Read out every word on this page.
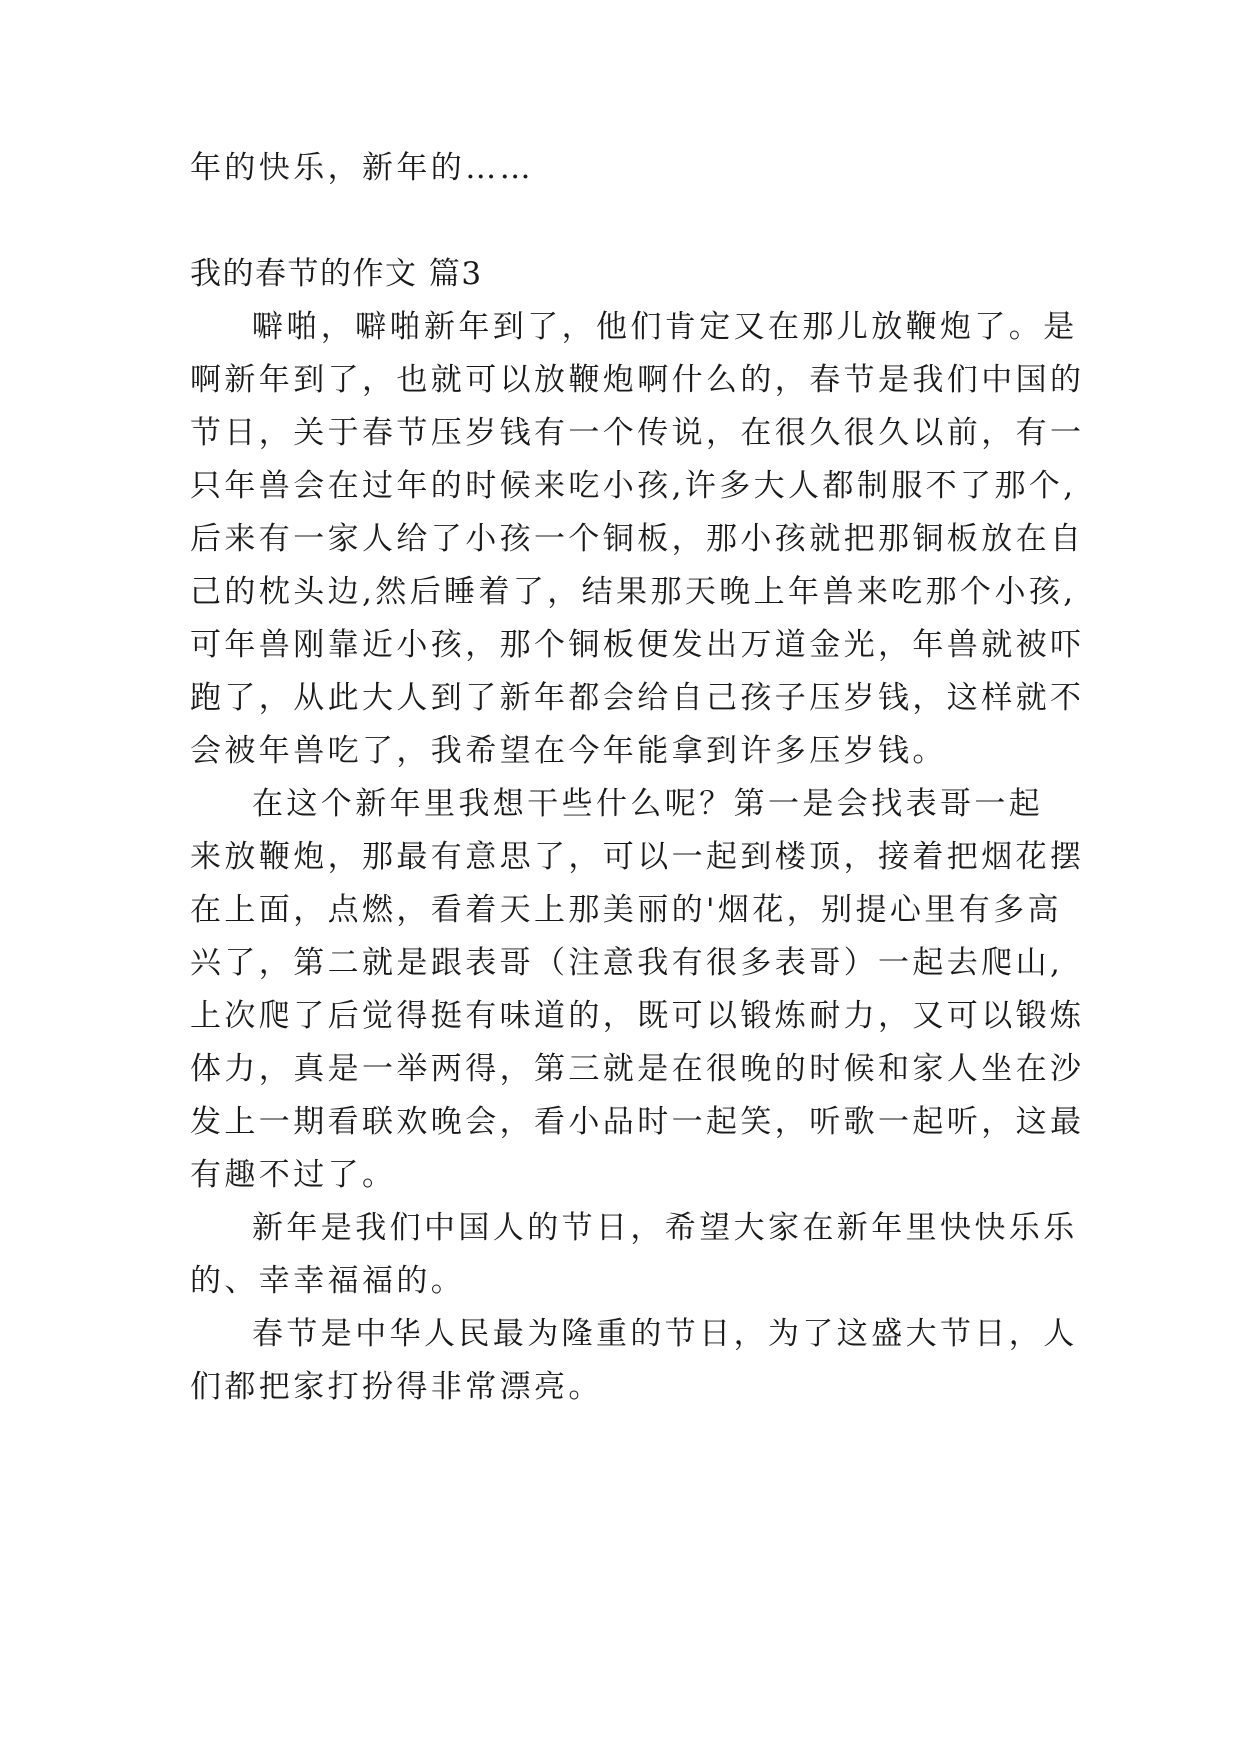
年的快乐，新年的……

我的春节的作文 篇3

噼啪，噼啪新年到了，他们肯定又在那儿放鞭炮了。是

啊新年到了，也就可以放鞭炮啊什么的，春节是我们中国的

节日，关于春节压岁钱有一个传说，在很久很久以前，有一

只年兽会在过年的时候来吃小孩,许多大人都制服不了那个,

后来有一家人给了小孩一个铜板，那小孩就把那铜板放在自

己的枕头边,然后睡着了，结果那天晚上年兽来吃那个小孩,

可年兽刚靠近小孩，那个铜板便发出万道金光，年兽就被吓

跑了，从此大人到了新年都会给自己孩子压岁钱，这样就不

会被年兽吃了，我希望在今年能拿到许多压岁钱。

在这个新年里我想干些什么呢？第一是会找表哥一起

来放鞭炮，那最有意思了，可以一起到楼顶，接着把烟花摆

在上面，点燃，看着天上那美丽的'烟花，别提心里有多高

兴了，第二就是跟表哥（注意我有很多表哥）一起去爬山,

上次爬了后觉得挺有味道的，既可以锻炼耐力，又可以锻炼

体力，真是一举两得，第三就是在很晚的时候和家人坐在沙

发上一期看联欢晚会，看小品时一起笑，听歌一起听，这最

有趣不过了。

新年是我们中国人的节日，希望大家在新年里快快乐乐

的、幸幸福福的。

春节是中华人民最为隆重的节日，为了这盛大节日，人

们都把家打扮得非常漂亮。
